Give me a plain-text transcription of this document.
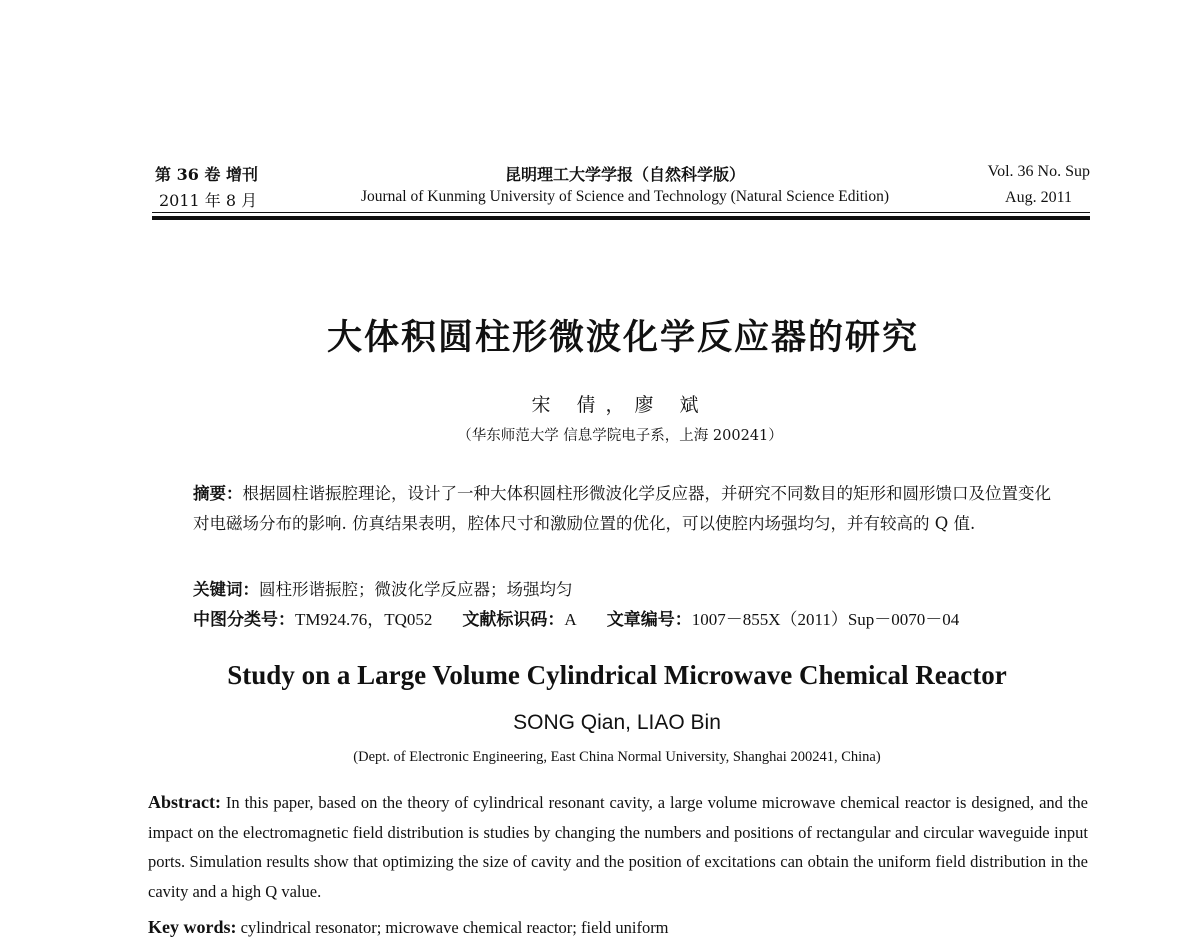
第 36 卷 增刊
2011 年 8 月
昆明理工大学学报（自然科学版）
Journal of Kunming University of Science and Technology (Natural Science Edition)
Vol. 36 No. Sup
Aug. 2011
大体积圆柱形微波化学反应器的研究
宋 倩，廖 斌
（华东师范大学 信息学院电子系，上海 200241）
摘要：根据圆柱谐振腔理论，设计了一种大体积圆柱形微波化学反应器，并研究不同数目的矩形和圆形馈口及位置变化对电磁场分布的影响. 仿真结果表明，腔体尺寸和激励位置的优化，可以使腔内场强均匀，并有较高的 Q 值.
关键词：圆柱形谐振腔；微波化学反应器；场强均匀
中图分类号：TM924.76，TQ052 文献标识码：A 文章编号：1007－855X（2011）Sup－0070－04
Study on a Large Volume Cylindrical Microwave Chemical Reactor
SONG Qian, LIAO Bin
(Dept. of Electronic Engineering, East China Normal University, Shanghai 200241, China)
Abstract: In this paper, based on the theory of cylindrical resonant cavity, a large volume microwave chemical reactor is designed, and the impact on the electromagnetic field distribution is studies by changing the numbers and positions of rectangular and circular waveguide input ports. Simulation results show that optimizing the size of cavity and the position of excitations can obtain the uniform field distribution in the cavity and a high Q value.
Key words: cylindrical resonator; microwave chemical reactor; field uniform
